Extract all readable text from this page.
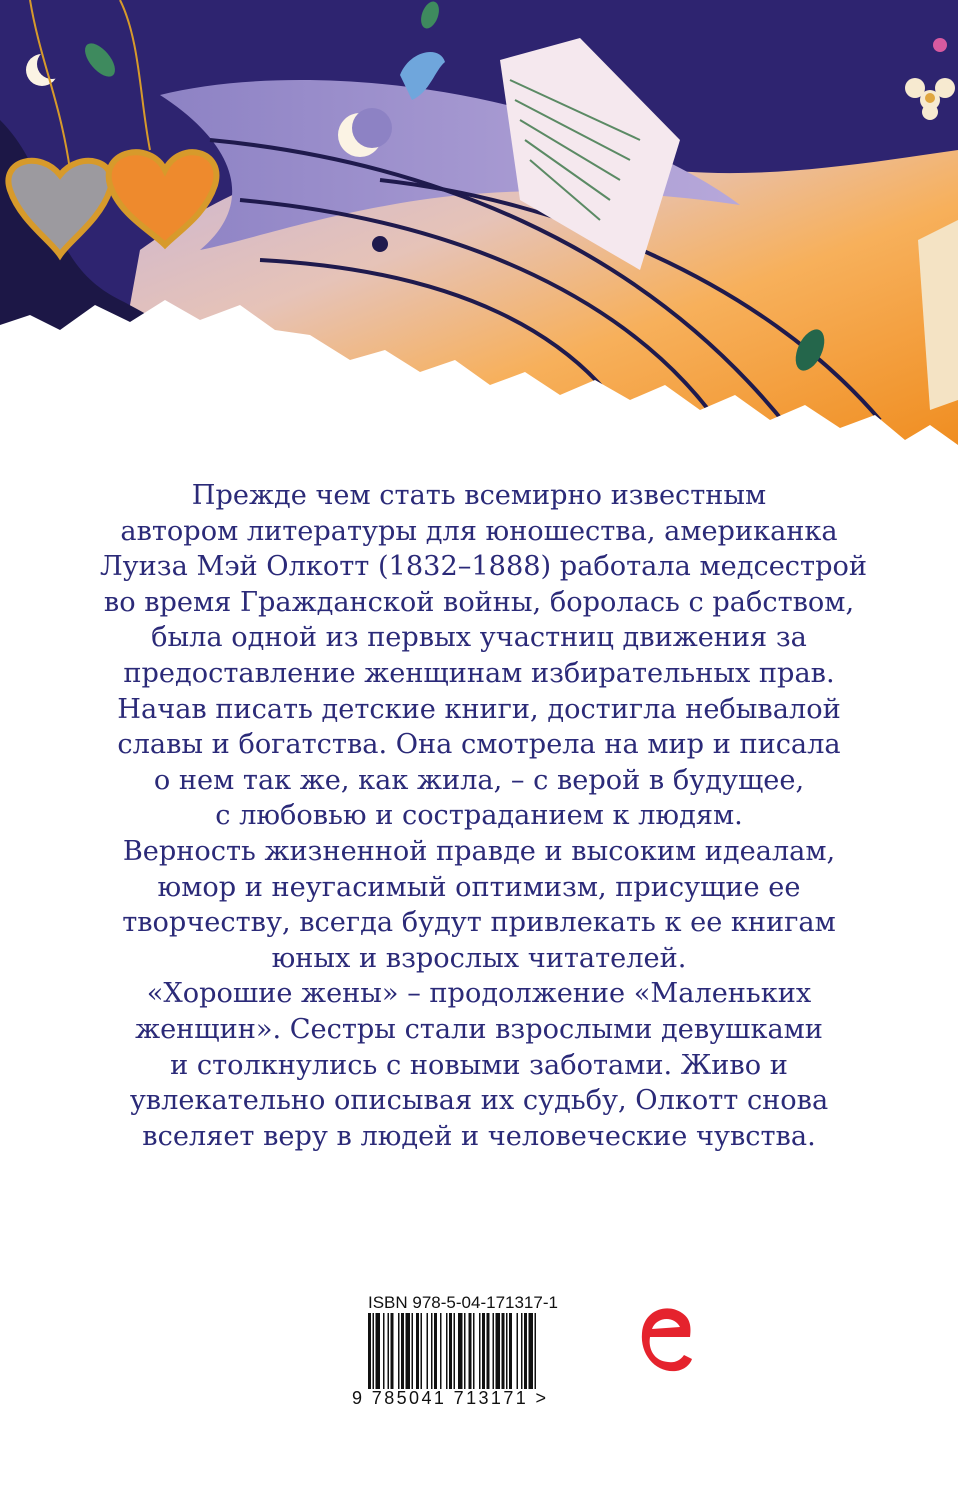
Прежде чем стать всемирно известным
автором литературы для юношества, американка
Луиза Мэй Олкотт (1832–1888) работала медсестрой
во время Гражданской войны, боролась с рабством,
была одной из первых участниц движения за
предоставление женщинам избирательных прав.
Начав писать детские книги, достигла небывалой
славы и богатства. Она смотрела на мир и писала
о нем так же, как жила, – с верой в будущее,
с любовью и состраданием к людям.
Верность жизненной правде и высоким идеалам,
юмор и неугасимый оптимизм, присущие ее
творчеству, всегда будут привлекать к ее книгам
юных и взрослых читателей.
«Хорошие жены» – продолжение «Маленьких
женщин». Сестры стали взрослыми девушками
и столкнулись с новыми заботами. Живо и
увлекательно описывая их судьбу, Олкотт снова
вселяет веру в людей и человеческие чувства.

ISBN 978-5-04-171317-1

9 785041 713171 >
